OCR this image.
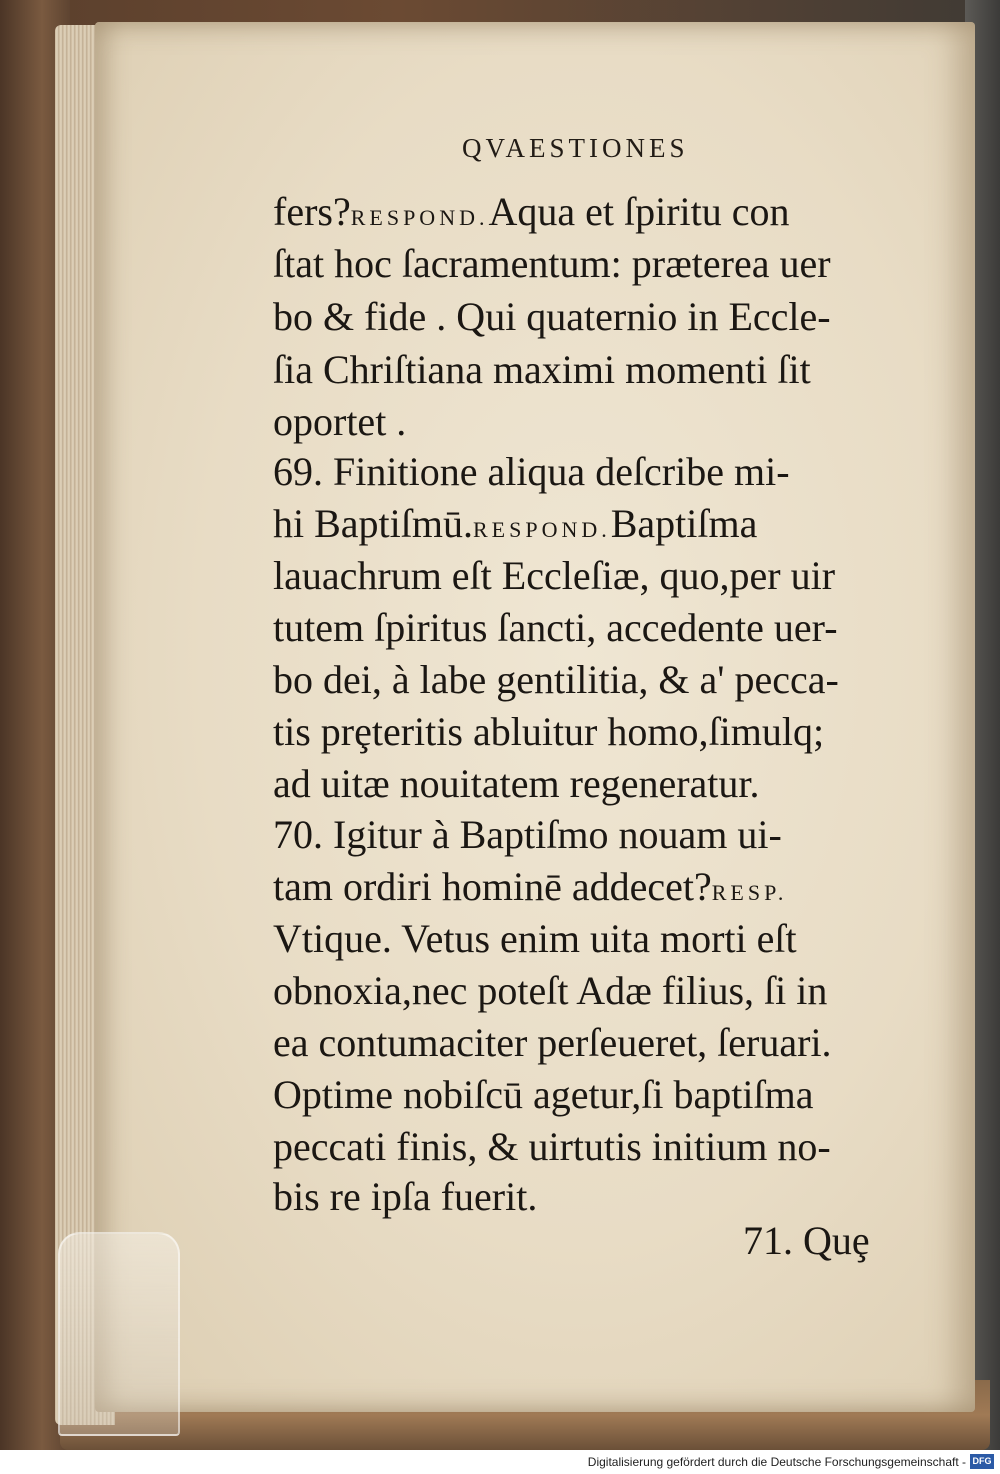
QVAESTIONES
fers?RESPOND.Aqua et ſpiritu con
ſtat hoc ſacramentum: præterea uer
bo & fide . Qui quaternio in Eccle-
ſia Chriſtiana maximi momenti ſit
oportet .
69. Finitione aliqua deſcribe mi-
hi Baptiſmū.RESPOND.Baptiſma
lauachrum eſt Eccleſiæ, quo,per uir
tutem ſpiritus ſancti, accedente uer-
bo dei, à labe gentilitia, & a' pecca-
tis prȩteritis abluitur homo,ſimulq;
ad uitæ nouitatem regeneratur.
70. Igitur à Baptiſmo nouam ui-
tam ordiri hominē addecet?RESP.
Vtique. Vetus enim uita morti eſt
obnoxia,nec poteſt Adæ filius, ſi in
ea contumaciter perſeueret, ſeruari.
Optime nobiſcū agetur,ſi baptiſma
peccati finis, & uirtutis initium no-
bis re ipſa fuerit.
71. Quȩ
Digitalisierung gefördert durch die Deutsche Forschungsgemeinschaft - DFG
